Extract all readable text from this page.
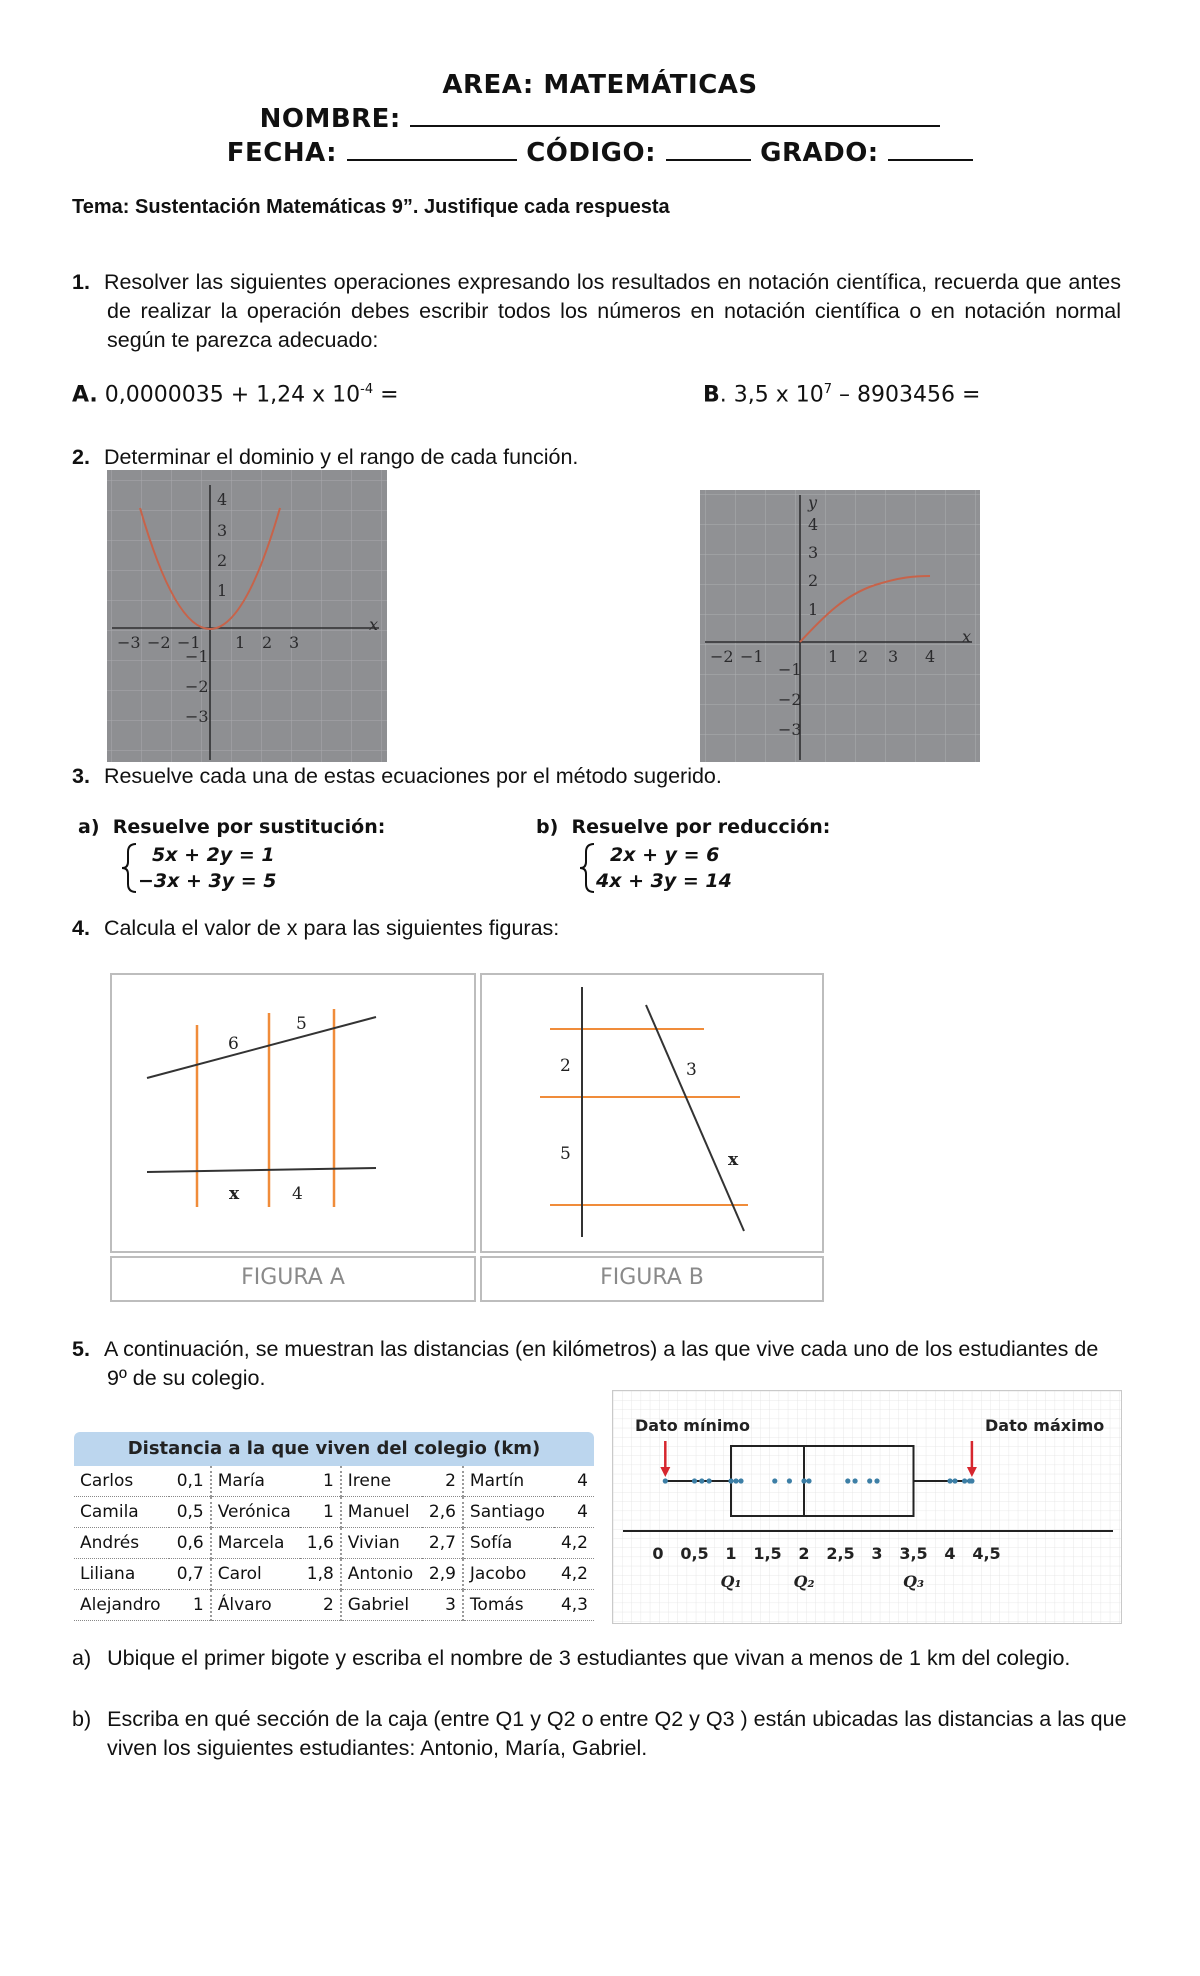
AREA: MATEMÁTICAS
NOMBRE:
FECHA:	CÓDIGO:	GRADO:
Tema: Sustentación Matemáticas 9”. Justifique cada respuesta
1. Resolver las siguientes operaciones expresando los resultados en notación científica, recuerda que antes de realizar la operación debes escribir todos los números en notación científica o en notación normal según te parezca adecuado:
A. 0,0000035 + 1,24 x $10^{-4}$ =	B. 3,5 x $10^7 - 8903456$ =
2. Determinar el dominio y el rango de cada función.
−3 −2 −1 1 2 3
x
4
3
2
1
−1
−2
−3
−2 −1	1 2 3 4
x
y
4
3
2
1
−1
−2
−3
3. Resuelve cada una de estas ecuaciones por el método sugerido.
a) Resuelve por sustitución:
5x + 2y = 1
−3x + 3y = 5
b) Resuelve por reducción:
2x + y = 6
4x + 3y = 14
4. Calcula el valor de x para las siguientes figuras:
6
5
x	4
FIGURA A
2	3
5	x
FIGURA B
5. A continuación, se muestran las distancias (en kilómetros) a las que vive cada uno de los estudiantes de 9º de su colegio.
Distancia a la que viven del colegio (km)
Carlos	0,1	María	1	Irene	2	Martín	4
Camila	0,5	Verónica	1	Manuel	2,6	Santiago	4
Andrés	0,6	Marcela	1,6	Vivian	2,7	Sofía	4,2
Liliana	0,7	Carol	1,8	Antonio	2,9	Jacobo	4,2
Alejandro	1	Álvaro	2	Gabriel	3	Tomás	4,3
Dato mínimo	Dato máximo
0 0,5 1 1,5 2 2,5 3 3,5 4 4,5
Q₁	Q₂	Q₃
a) Ubique el primer bigote y escriba el nombre de 3 estudiantes que vivan a menos de 1 km del colegio.
b) Escriba en qué sección de la caja (entre Q1 y Q2 o entre Q2 y Q3 ) están ubicadas las distancias a las que viven los siguientes estudiantes: Antonio, María, Gabriel.
